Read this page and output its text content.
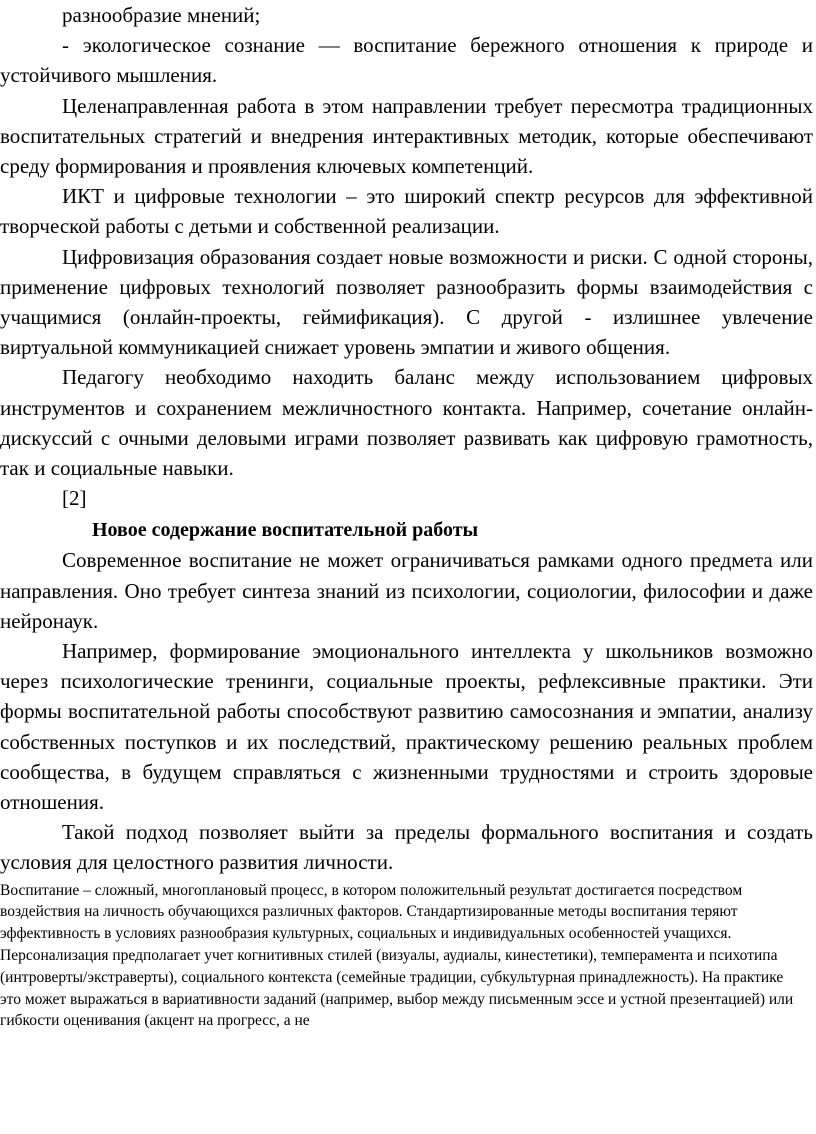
разнообразие мнений;

- экологическое сознание — воспитание бережного отношения к природе и устойчивого мышления.

Целенаправленная работа в этом направлении требует пересмотра традиционных воспитательных стратегий и внедрения интерактивных методик, которые обеспечивают среду формирования и проявления ключевых компетенций.

ИКТ и цифровые технологии – это широкий спектр ресурсов для эффективной творческой работы с детьми и собственной реализации.

Цифровизация образования создает новые возможности и риски. С одной стороны, применение цифровых технологий позволяет разнообразить формы взаимодействия с учащимися (онлайн-проекты, геймификация). С другой - излишнее увлечение виртуальной коммуникацией снижает уровень эмпатии и живого общения.

Педагогу необходимо находить баланс между использованием цифровых инструментов и сохранением межличностного контакта. Например, сочетание онлайн-дискуссий с очными деловыми играми позволяет развивать как цифровую грамотность, так и социальные навыки.
[2]

Новое содержание воспитательной работы

Современное воспитание не может ограничиваться рамками одного предмета или направления. Оно требует синтеза знаний из психологии, социологии, философии и даже нейронаук.

Например, формирование эмоционального интеллекта у школьников возможно через психологические тренинги, социальные проекты, рефлексивные практики. Эти формы воспитательной работы способствуют развитию самосознания и эмпатии, анализу собственных поступков и их последствий, практическому решению реальных проблем сообщества, в будущем справляться с жизненными трудностями и строить здоровые отношения.

Такой подход позволяет выйти за пределы формального воспитания и создать условия для целостного развития личности.

Воспитание – сложный, многоплановый процесс, в котором положительный результат достигается посредством воздействия на личность обучающихся различных факторов. Стандартизированные методы воспитания теряют эффективность в условиях разнообразия культурных, социальных и индивидуальных особенностей учащихся. Персонализация предполагает учет когнитивных стилей (визуалы, аудиалы, кинестетики), темперамента и психотипа (интроверты/экстраверты), социального контекста (семейные традиции, субкультурная принадлежность). На практике это может выражаться в вариативности заданий (например, выбор между письменным эссе и устной презентацией) или гибкости оценивания (акцент на прогресс, а не
